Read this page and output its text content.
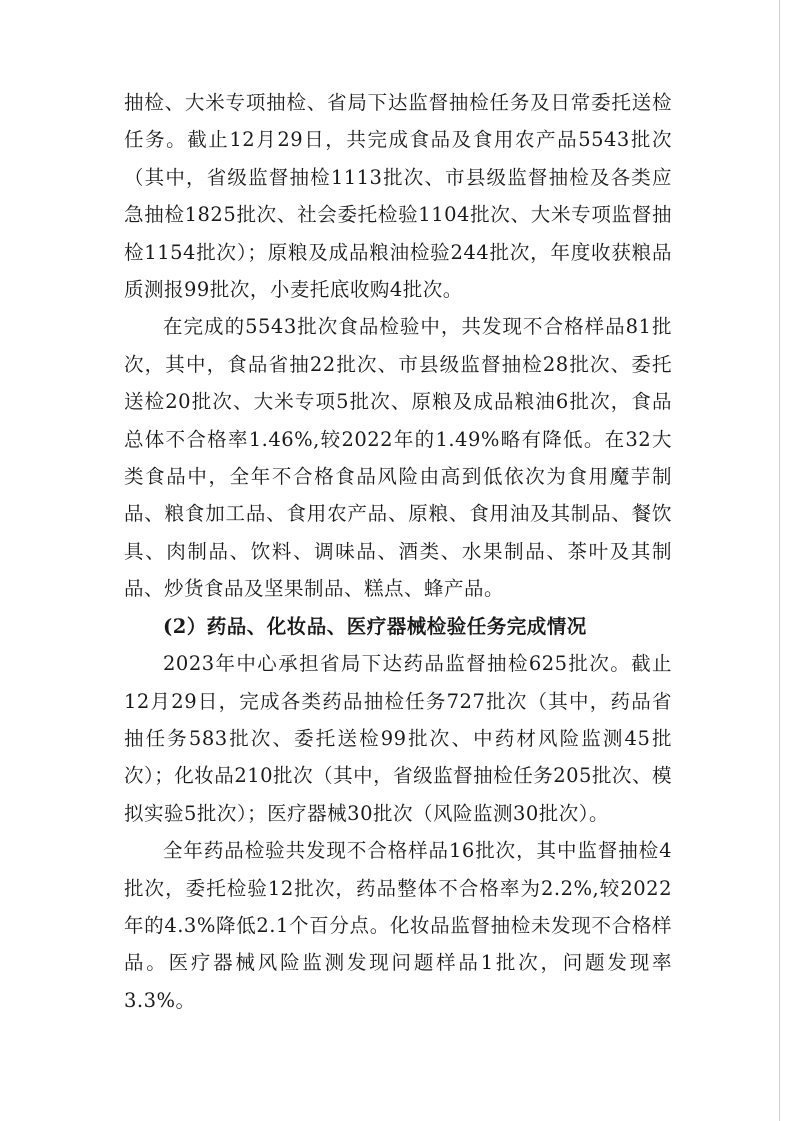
抽检、大米专项抽检、省局下达监督抽检任务及日常委托送检任务。截止12月29日，共完成食品及食用农产品5543批次（其中，省级监督抽检1113批次、市县级监督抽检及各类应急抽检1825批次、社会委托检验1104批次、大米专项监督抽检1154批次）；原粮及成品粮油检验244批次，年度收获粮品质测报99批次，小麦托底收购4批次。

在完成的5543批次食品检验中，共发现不合格样品81批次，其中，食品省抽22批次、市县级监督抽检28批次、委托送检20批次、大米专项5批次、原粮及成品粮油6批次，食品总体不合格率1.46%,较2022年的1.49%略有降低。在32大类食品中，全年不合格食品风险由高到低依次为食用魔芋制品、粮食加工品、食用农产品、原粮、食用油及其制品、餐饮具、肉制品、饮料、调味品、酒类、水果制品、茶叶及其制品、炒货食品及坚果制品、糕点、蜂产品。

(2）药品、化妆品、医疗器械检验任务完成情况

2023年中心承担省局下达药品监督抽检625批次。截止12月29日，完成各类药品抽检任务727批次（其中，药品省抽任务583批次、委托送检99批次、中药材风险监测45批次）；化妆品210批次（其中，省级监督抽检任务205批次、模拟实验5批次）；医疗器械30批次（风险监测30批次）。

全年药品检验共发现不合格样品16批次，其中监督抽检4批次，委托检验12批次，药品整体不合格率为2.2%,较2022年的4.3%降低2.1个百分点。化妆品监督抽检未发现不合格样品。医疗器械风险监测发现问题样品1批次，问题发现率3.3%。
